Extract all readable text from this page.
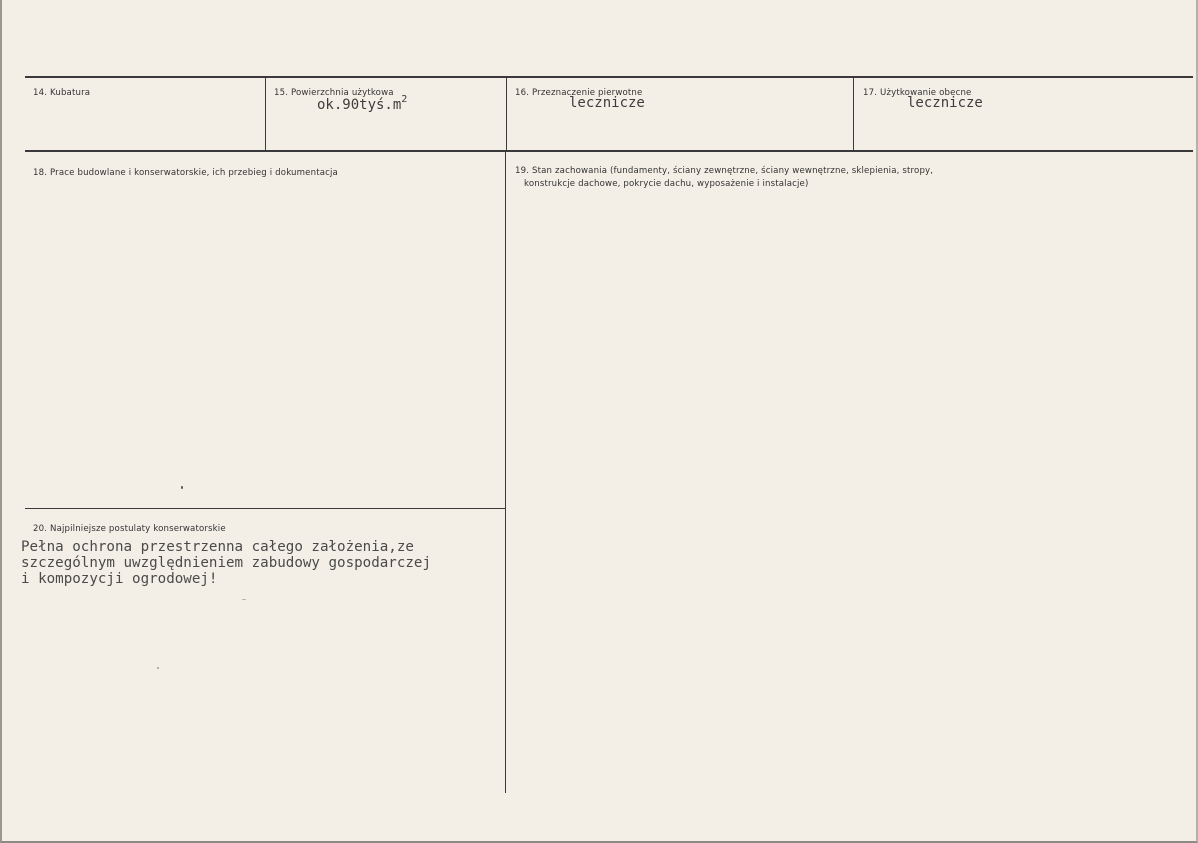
14. Kubatura	15. Powierzchnia użytkowa
$ok.90tyś.m^2$
16. Przeznaczenie pierwotne
lecznicze
17. Użytkowanie obecne
lecznicze
18. Prace budowlane i konserwatorskie, ich przebieg i dokumentacja	19. Stan zachowania (fundamenty, ściany zewnętrzne, ściany wewnętrzne, sklepienia, stropy,
konstrukcje dachowe, pokrycie dachu, wyposażenie i instalacje)
20. Najpilniejsze postulaty konserwatorskie
Pełna ochrona przestrzenna całego założenia,ze
szczególnym uwzględnieniem zabudowy gospodarczej
i kompozycji ogrodowej!
